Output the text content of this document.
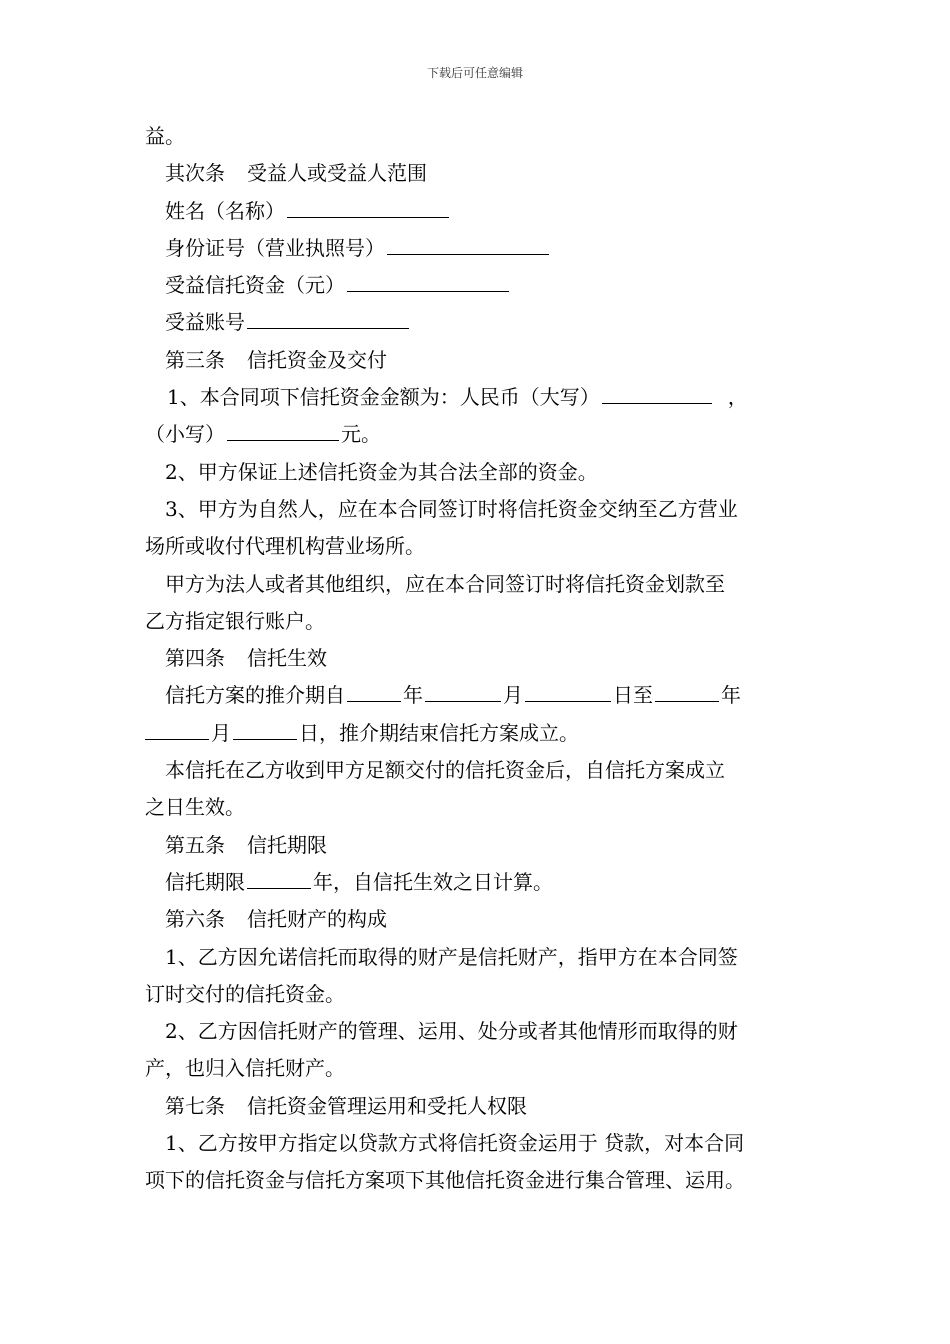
下载后可任意编辑
益。
其次条 受益人或受益人范围
姓名（名称）
身份证号（营业执照号）
受益信托资金（元）
受益账号
第三条 信托资金及交付
1、本合同项下信托资金金额为：人民币（大写）	，
（小写）	元。
2、甲方保证上述信托资金为其合法全部的资金。
3、甲方为自然人，应在本合同签订时将信托资金交纳至乙方营业
场所或收付代理机构营业场所。
甲方为法人或者其他组织，应在本合同签订时将信托资金划款至
乙方指定银行账户。
第四条 信托生效
信托方案的推介期自	年	月	日至	年
月	日，推介期结束信托方案成立。
本信托在乙方收到甲方足额交付的信托资金后，自信托方案成立
之日生效。
第五条 信托期限
信托期限	年，自信托生效之日计算。
第六条 信托财产的构成
1、乙方因允诺信托而取得的财产是信托财产，指甲方在本合同签
订时交付的信托资金。
2、乙方因信托财产的管理、运用、处分或者其他情形而取得的财
产，也归入信托财产。
第七条 信托资金管理运用和受托人权限
1、乙方按甲方指定以贷款方式将信托资金运用于 贷款，对本合同
项下的信托资金与信托方案项下其他信托资金进行集合管理、运用。
